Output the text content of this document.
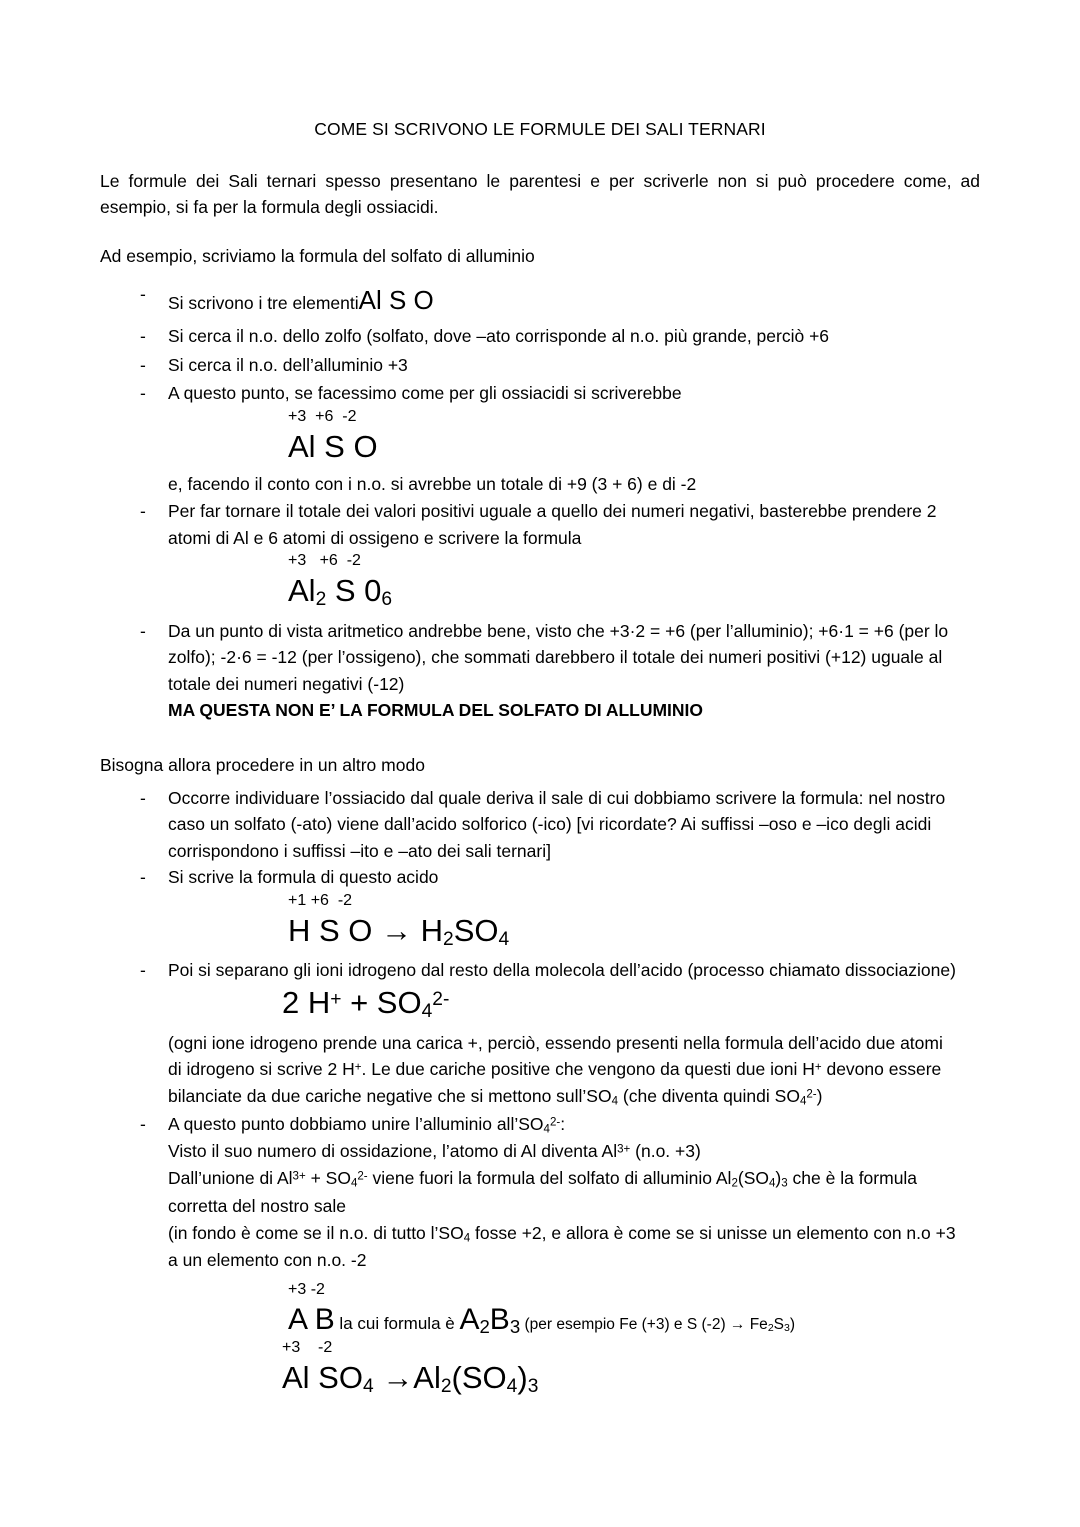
COME SI SCRIVONO LE FORMULE DEI SALI TERNARI

Le formule dei Sali ternari spesso presentano le parentesi e per scriverle non si può procedere come, ad esempio, si fa per la formula degli ossiacidi.

Ad esempio, scriviamo la formula del solfato di alluminio

- Si scrivono i tre elementiAl S O
- Si cerca il n.o. dello zolfo (solfato, dove –ato corrisponde al n.o. più grande, perciò +6
- Si cerca il n.o. dell’alluminio +3
- A questo punto, se facessimo come per gli ossiacidi si scriverebbe
+3  +6  -2
Al S O
e, facendo il conto con i n.o. si avrebbe un totale di +9 (3 + 6) e di -2
- Per far tornare il totale dei valori positivi uguale a quello dei numeri negativi, basterebbe prendere 2 atomi di Al e 6 atomi di ossigeno e scrivere la formula
+3   +6  -2
$Al_2$ S $0_6$
- Da un punto di vista aritmetico andrebbe bene, visto che +3·2 = +6 (per l’alluminio); +6·1 = +6 (per lo zolfo); -2·6 = -12 (per l’ossigeno), che sommati darebbero il totale dei numeri positivi (+12) uguale al totale dei numeri negativi (-12)
MA QUESTA NON E’ LA FORMULA DEL SOLFATO DI ALLUMINIO

Bisogna allora procedere in un altro modo

- Occorre individuare l’ossiacido dal quale deriva il sale di cui dobbiamo scrivere la formula: nel nostro caso un solfato (-ato) viene dall’acido solforico (-ico) [vi ricordate? Ai suffissi –oso e –ico degli acidi corrispondono i suffissi –ito e –ato dei sali ternari]
- Si scrive la formula di questo acido
+1 +6  -2
H S $O \to H_2SO_4$
- Poi si separano gli ioni idrogeno dal resto della molecola dell’acido (processo chiamato dissociazione)
2 $H^+ + SO_4^{2-}$
(ogni ione idrogeno prende una carica +, perciò, essendo presenti nella formula dell’acido due atomi
di idrogeno si scrive 2 H+. Le due cariche positive che vengono da questi due ioni H+ devono essere
bilanciate da due cariche negative che si mettono $sull’SO_4$ (che diventa quindi $SO_4^{2-}$)
- A questo punto dobbiamo unire l’alluminio $all’SO_4^{2-}$:
Visto il suo numero di ossidazione, l’atomo di Al diventa $Al^{3+}$ (n.o. +3)
Dall’unione di $Al^{3+} + SO_4^{2-}$ viene fuori la formula del solfato di alluminio $Al_2(SO_4)_3$ che è la formula
corretta del nostro sale
(in fondo è come se il n.o. di tutto $l’SO_4$ fosse +2, e allora è come se si unisse un elemento con n.o +3
a un elemento con n.o. -2
+3 -2
A B la cui formula è $A_2B_3$ (per esempio Fe (+3) e S $(-2) \to Fe_2S_3$)
+3    -2
Al $SO_4 \to Al_2(SO_4)_3$
